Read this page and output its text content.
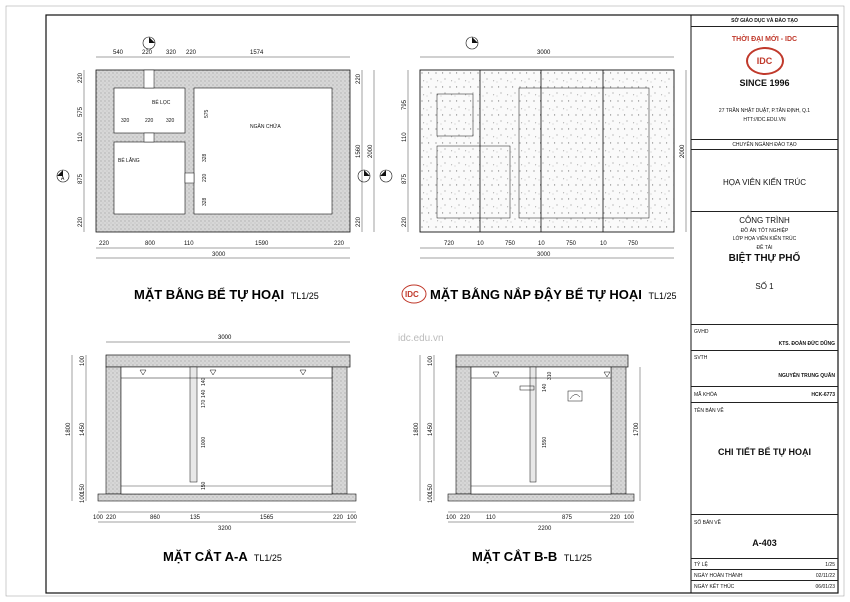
540	220 320 220	1574
220	800	110	1590	220
3000
220
575
110
875
220
220
1560
220
2000
320	220	320
575
328
220
328
BỂ LỌC
BỂ LẮNG
NGĂN CHỨA
A
MẶT BẰNG BỂ TỰ HOẠI TL1/25
3000
720	10	750	10	750	10	750
3000
795
110
875
220
2000
IDC MẶT BẰNG NẮP ĐẬY BỂ TỰ HOẠI TL1/25
idc.edu.vn
3000
1800
100
1450
150
100
140
140
170
1000
150
100 220	860	135	1565	220 100
3200
MẶT CẮT A-A TL1/25
1800
100
1450
150
100
1700
140
310
1550
100 220	110	875	220 100
2200
MẶT CẮT B-B TL1/25
SỞ GIÁO DỤC VÀ ĐÀO TẠO
THỜI ĐẠI MỚI - IDC
IDC
SINCE 1996
27 TRẦN NHẬT DUẬT, P.TÂN ĐỊNH, Q.1
HTT://IDC.EDU.VN
CHUYÊN NGÀNH ĐÀO TẠO
HỌA VIÊN KIẾN TRÚC
CÔNG TRÌNH
ĐỒ ÁN TỐT NGHIỆP
LỚP HỌA VIÊN KIẾN TRÚC
ĐỀ TÀI
BIỆT THỰ PHỐ
SỐ 1
GVHD
KTS. ĐOÀN ĐỨC DŨNG
SVTH
NGUYỄN TRUNG QUÂN
MÃ KHÓA	HCK-6773
TÊN BẢN VẼ
CHI TIẾT BỂ TỰ HOẠI
SỐ BẢN VẼ
A-403
TỶ LỆ	1/25
NGÀY HOÀN THÀNH	02/11/22
NGÀY KẾT THÚC	06/01/23
